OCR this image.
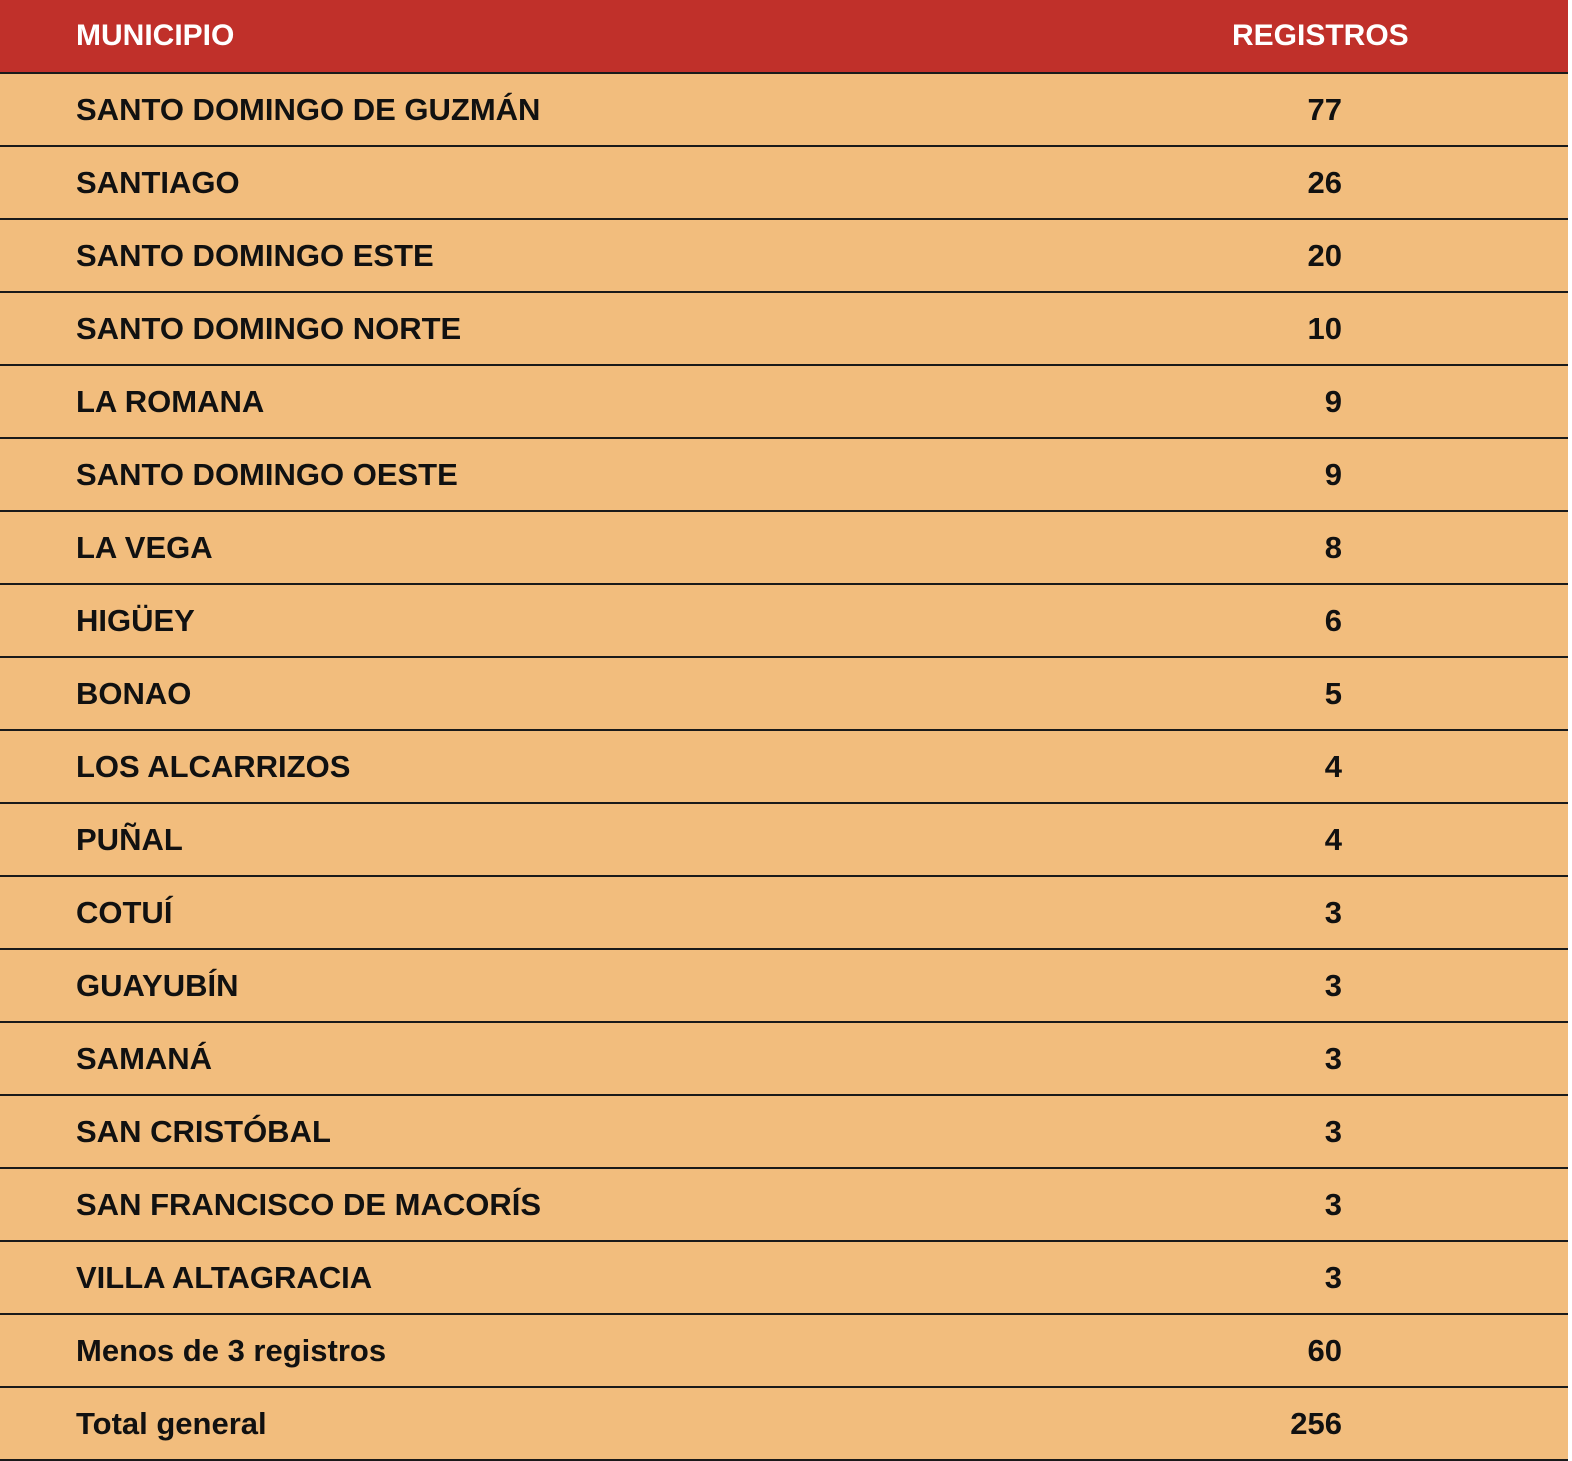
MUNICIPIO	REGISTROS
SANTO DOMINGO DE GUZMÁN	77
SANTIAGO	26
SANTO DOMINGO ESTE	20
SANTO DOMINGO NORTE	10
LA ROMANA	9
SANTO DOMINGO OESTE	9
LA VEGA	8
HIGÜEY	6
BONAO	5
LOS ALCARRIZOS	4
PUÑAL	4
COTUÍ	3
GUAYUBÍN	3
SAMANÁ	3
SAN CRISTÓBAL	3
SAN FRANCISCO DE MACORÍS	3
VILLA ALTAGRACIA	3
Menos de 3 registros	60
Total general	256
